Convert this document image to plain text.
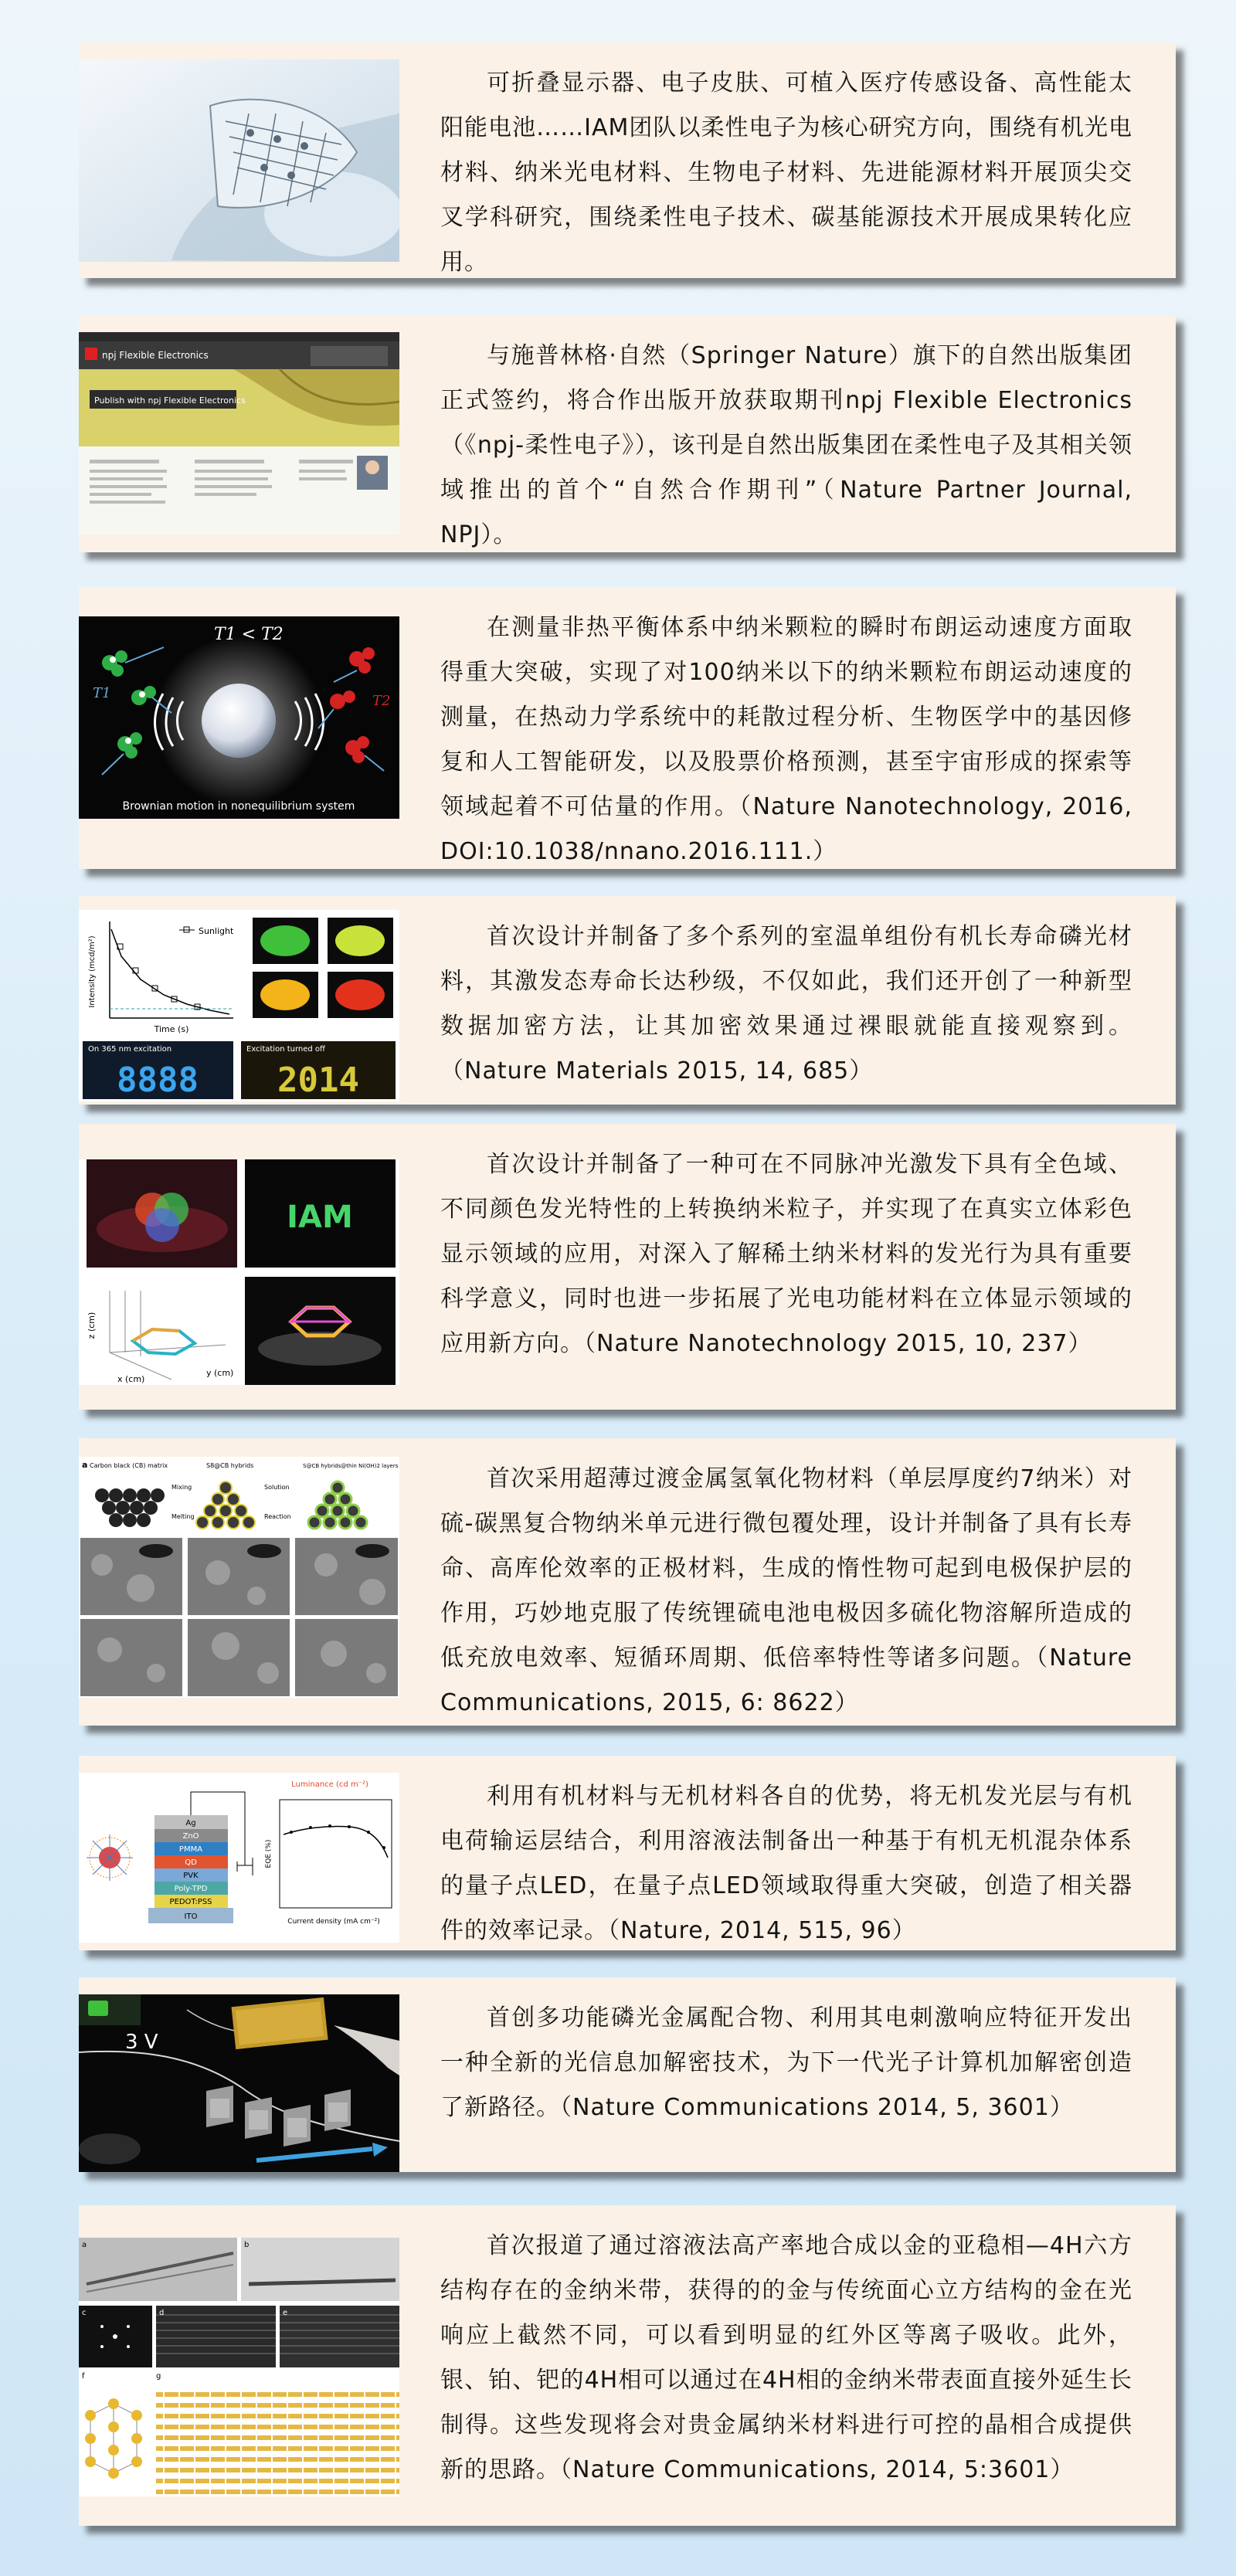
可折叠显示器、电子皮肤、可植入医疗传感设备、高性能太阳能电池……IAM团队以柔性电子为核心研究方向，围绕有机光电材料、纳米光电材料、生物电子材料、先进能源材料开展顶尖交叉学科研究，围绕柔性电子技术、碳基能源技术开展成果转化应用。
npj Flexible Electronics
Publish with npj Flexible Electronics
与施普林格·自然（Springer Nature）旗下的自然出版集团正式签约，将合作出版开放获取期刊npj Flexible Electronics（《npj-柔性电子》），该刊是自然出版集团在柔性电子及其相关领域推出的首个“自然合作期刊”（Nature Partner Journal, NPJ）。
T1 < T2
T1	T2
Brownian motion in nonequilibrium system
在测量非热平衡体系中纳米颗粒的瞬时布朗运动速度方面取得重大突破，实现了对100纳米以下的纳米颗粒布朗运动速度的测量，在热动力学系统中的耗散过程分析、生物医学中的基因修复和人工智能研发，以及股票价格预测，甚至宇宙形成的探索等领域起着不可估量的作用。（Nature Nanotechnology, 2016, DOI:10.1038/nnano.2016.111.）
Sunlight
Time (s)
Intensity (mcd/m²)
On 365 nm excitation	Excitation turned off
8888 2014
首次设计并制备了多个系列的室温单组份有机长寿命磷光材料，其激发态寿命长达秒级，不仅如此，我们还开创了一种新型数据加密方法，让其加密效果通过裸眼就能直接观察到。（Nature Materials 2015, 14, 685）
IAM
z (cm)
x (cm)
y (cm)
首次设计并制备了一种可在不同脉冲光激发下具有全色域、不同颜色发光特性的上转换纳米粒子，并实现了在真实立体彩色显示领域的应用，对深入了解稀土纳米材料的发光行为具有重要科学意义，同时也进一步拓展了光电功能材料在立体显示领域的应用新方向。（Nature Nanotechnology 2015, 10, 237）
a Carbon black (CB) matrix	S8@CB hybrids	S@CB hybrids@thin Ni(OH)2 layers
Mixing
Melting
Solution
Reaction
首次采用超薄过渡金属氢氧化物材料（单层厚度约7纳米）对硫-碳黑复合物纳米单元进行微包覆处理，设计并制备了具有长寿命、高库伦效率的正极材料，生成的惰性物可起到电极保护层的作用，巧妙地克服了传统锂硫电池电极因多硫化物溶解所造成的低充放电效率、短循环周期、低倍率特性等诸多问题。（Nature Communications, 2015, 6: 8622）
Ag
ZnO
PMMA
QD
PVK
Poly-TPD
PEDOT:PSS
ITO
Luminance (cd m⁻²)
Current density (mA cm⁻²)
EQE (%)
利用有机材料与无机材料各自的优势，将无机发光层与有机电荷输运层结合，利用溶液法制备出一种基于有机无机混杂体系的量子点LED，在量子点LED领域取得重大突破，创造了相关器件的效率记录。（Nature, 2014, 515, 96）
3 V
首创多功能磷光金属配合物、利用其电刺激响应特征开发出一种全新的光信息加解密技术，为下一代光子计算机加解密创造了新路径。（Nature Communications 2014, 5, 3601）
a	b
c	d	e
f	g
首次报道了通过溶液法高产率地合成以金的亚稳相—4H六方结构存在的金纳米带，获得的的金与传统面心立方结构的金在光响应上截然不同，可以看到明显的红外区等离子吸收。此外，银、铂、钯的4H相可以通过在4H相的金纳米带表面直接外延生长制得。这些发现将会对贵金属纳米材料进行可控的晶相合成提供新的思路。（Nature Communications, 2014, 5:3601）
